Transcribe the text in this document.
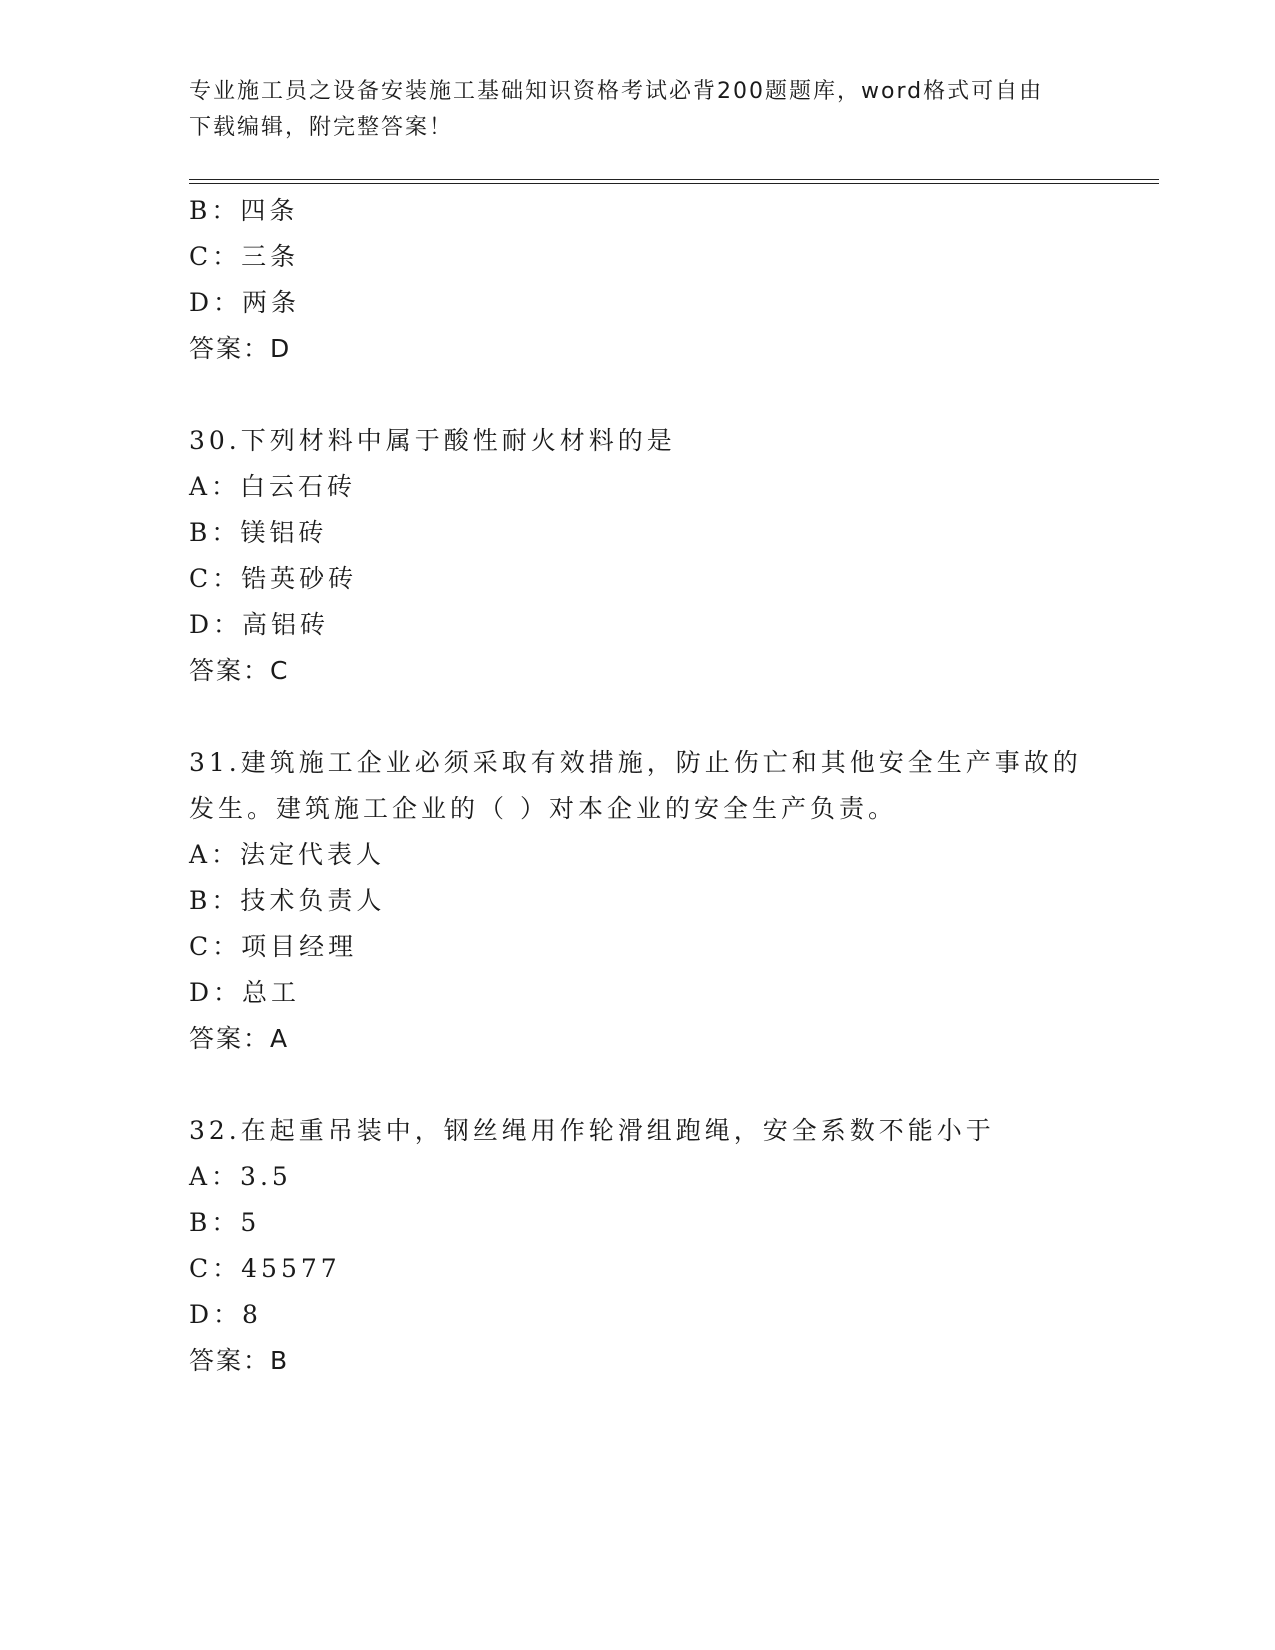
专业施工员之设备安装施工基础知识资格考试必背200题题库，word格式可自由
下载编辑，附完整答案！
B：四条
C：三条
D：两条
答案：D
30.下列材料中属于酸性耐火材料的是
A：白云石砖
B：镁铝砖
C：锆英砂砖
D：高铝砖
答案：C
31.建筑施工企业必须采取有效措施，防止伤亡和其他安全生产事故的
发生。建筑施工企业的（ ）对本企业的安全生产负责。
A：法定代表人
B：技术负责人
C：项目经理
D：总工
答案：A
32.在起重吊装中，钢丝绳用作轮滑组跑绳，安全系数不能小于
A：3.5
B：5
C：45577
D：8
答案：B
